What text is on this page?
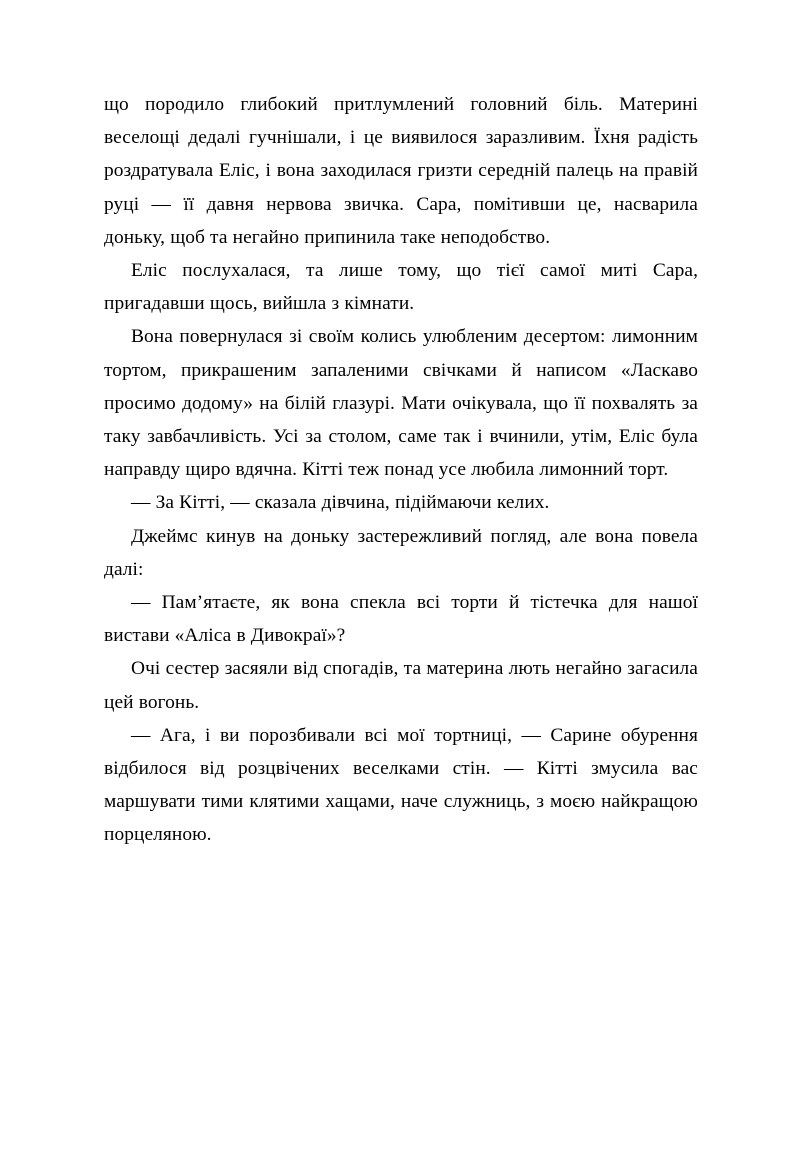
що породило глибокий притлумлений головний біль. Материні веселощі дедалі гучнішали, і це виявилося заразливим. Їхня радість роздратувала Еліс, і вона заходилася гризти середній палець на правій руці — її давня нервова звичка. Сара, помітивши це, насварила доньку, щоб та негайно припинила таке неподобство.

Еліс послухалася, та лише тому, що тієї самої миті Сара, пригадавши щось, вийшла з кімнати.

Вона повернулася зі своїм колись улюбленим десертом: лимонним тортом, прикрашеним запаленими свічками й написом «Ласкаво просимо додому» на білій глазурі. Мати очікувала, що її похвалять за таку завбачливість. Усі за столом, саме так і вчинили, утім, Еліс була направду щиро вдячна. Кітті теж понад усе любила лимонний торт.

— За Кітті, — сказала дівчина, підіймаючи келих.

Джеймс кинув на доньку застережливий погляд, але вона повела далі:

— Пам’ятаєте, як вона спекла всі торти й тістечка для нашої вистави «Аліса в Дивокраї»?

Очі сестер засяяли від спогадів, та материна лють негайно загасила цей вогонь.

— Ага, і ви порозбивали всі мої тортниці, — Сарине обурення відбилося від розцвічених веселками стін. — Кітті змусила вас маршувати тими клятими хащами, наче служниць, з моєю найкращою порцеляною.
